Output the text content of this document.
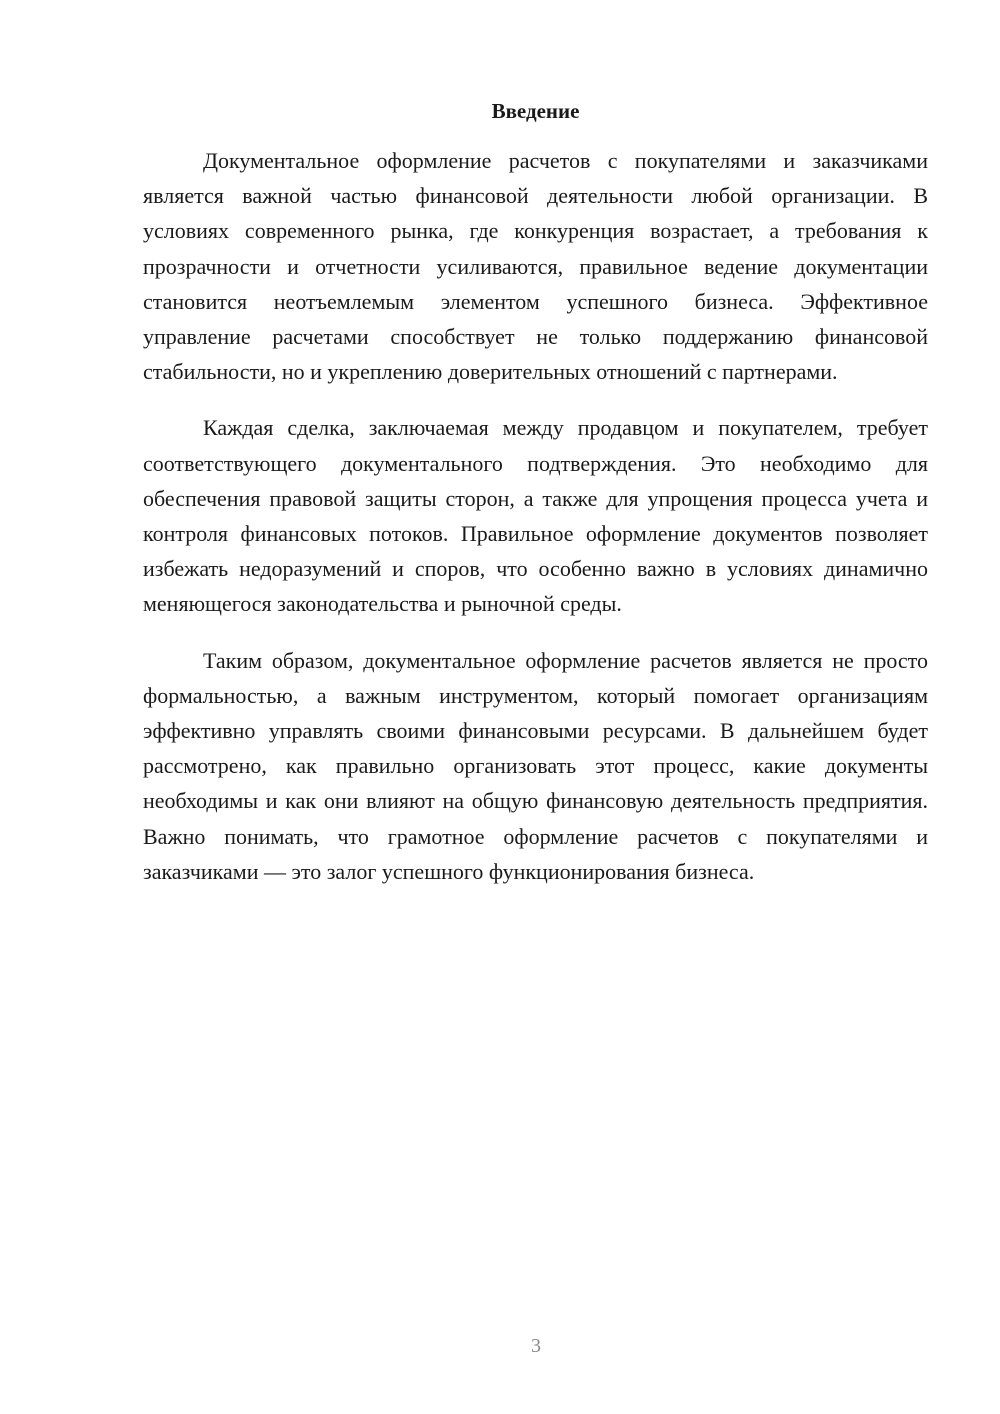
Введение

Документальное оформление расчетов с покупателями и заказчиками является важной частью финансовой деятельности любой организации. В условиях современного рынка, где конкуренция возрастает, а требования к прозрачности и отчетности усиливаются, правильное ведение документации становится неотъемлемым элементом успешного бизнеса. Эффективное управление расчетами способствует не только поддержанию финансовой стабильности, но и укреплению доверительных отношений с партнерами.

Каждая сделка, заключаемая между продавцом и покупателем, требует соответствующего документального подтверждения. Это необходимо для обеспечения правовой защиты сторон, а также для упрощения процесса учета и контроля финансовых потоков. Правильное оформление документов позволяет избежать недоразумений и споров, что особенно важно в условиях динамично меняющегося законодательства и рыночной среды.

Таким образом, документальное оформление расчетов является не просто формальностью, а важным инструментом, который помогает организациям эффективно управлять своими финансовыми ресурсами. В дальнейшем будет рассмотрено, как правильно организовать этот процесс, какие документы необходимы и как они влияют на общую финансовую деятельность предприятия. Важно понимать, что грамотное оформление расчетов с покупателями и заказчиками — это залог успешного функционирования бизнеса.

3
